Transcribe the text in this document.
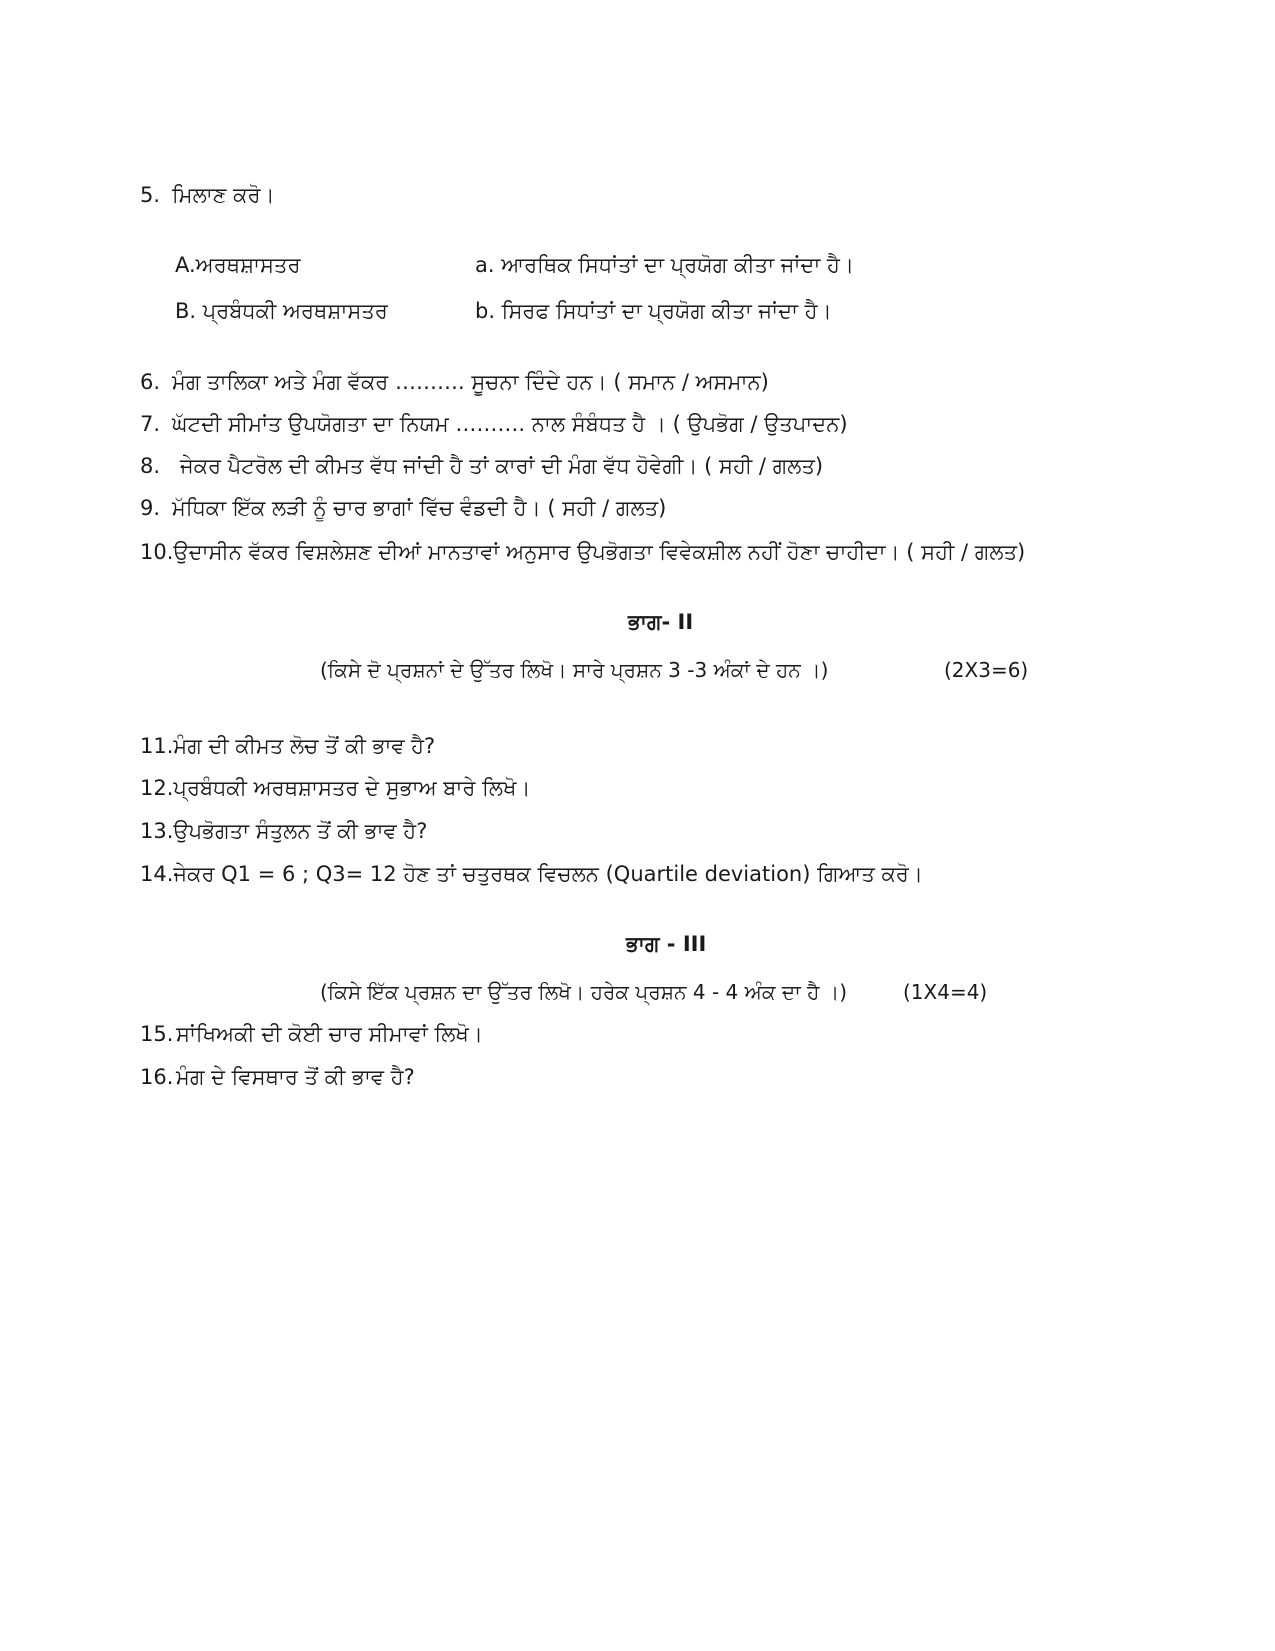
5. ਮਿਲਾਣ ਕਰੋ।
A.ਅਰਥਸ਼ਾਸਤਰ	a. ਆਰਥਿਕ ਸਿਧਾਂਤਾਂ ਦਾ ਪ੍ਰਯੋਗ ਕੀਤਾ ਜਾਂਦਾ ਹੈ।
B. ਪ੍ਰਬੰਧਕੀ ਅਰਥਸ਼ਾਸਤਰ	b. ਸਿਰਫ ਸਿਧਾਂਤਾਂ ਦਾ ਪ੍ਰਯੋਗ ਕੀਤਾ ਜਾਂਦਾ ਹੈ।
6. ਮੰਗ ਤਾਲਿਕਾ ਅਤੇ ਮੰਗ ਵੱਕਰ ………. ਸੂਚਨਾ ਦਿੰਦੇ ਹਨ। ( ਸਮਾਨ / ਅਸਮਾਨ)
7. ਘੱਟਦੀ ਸੀਮਾਂਤ ਉਪਯੋਗਤਾ ਦਾ ਨਿਯਮ ………. ਨਾਲ ਸੰਬੰਧਤ ਹੈ । ( ਉਪਭੋਗ / ਉਤਪਾਦਨ)
8. ਜੇਕਰ ਪੈਟਰੋਲ ਦੀ ਕੀਮਤ ਵੱਧ ਜਾਂਦੀ ਹੈ ਤਾਂ ਕਾਰਾਂ ਦੀ ਮੰਗ ਵੱਧ ਹੋਵੇਗੀ। ( ਸਹੀ / ਗਲਤ)
9. ਮੱਧਿਕਾ ਇੱਕ ਲੜੀ ਨੂੰ ਚਾਰ ਭਾਗਾਂ ਵਿੱਚ ਵੰਡਦੀ ਹੈ। ( ਸਹੀ / ਗਲਤ)
10.ਉਦਾਸੀਨ ਵੱਕਰ ਵਿਸ਼ਲੇਸ਼ਣ ਦੀਆਂ ਮਾਨਤਾਵਾਂ ਅਨੁਸਾਰ ਉਪਭੋਗਤਾ ਵਿਵੇਕਸ਼ੀਲ ਨਹੀਂ ਹੋਣਾ ਚਾਹੀਦਾ। ( ਸਹੀ / ਗਲਤ)
ਭਾਗ- II
(ਕਿਸੇ ਦੋ ਪ੍ਰਸ਼ਨਾਂ ਦੇ ਉੱਤਰ ਲਿਖੋ। ਸਾਰੇ ਪ੍ਰਸ਼ਨ 3 -3 ਅੰਕਾਂ ਦੇ ਹਨ ।)	(2X3=6)
11.ਮੰਗ ਦੀ ਕੀਮਤ ਲੋਚ ਤੋਂ ਕੀ ਭਾਵ ਹੈ?
12.ਪ੍ਰਬੰਧਕੀ ਅਰਥਸ਼ਾਸਤਰ ਦੇ ਸੁਭਾਅ ਬਾਰੇ ਲਿਖੋ।
13.ਉਪਭੋਗਤਾ ਸੰਤੁਲਨ ਤੋਂ ਕੀ ਭਾਵ ਹੈ?
14.ਜੇਕਰ Q1 = 6 ; Q3= 12 ਹੋਣ ਤਾਂ ਚਤੁਰਥਕ ਵਿਚਲਨ (Quartile deviation) ਗਿਆਤ ਕਰੋ।
ਭਾਗ - III
(ਕਿਸੇ ਇੱਕ ਪ੍ਰਸ਼ਨ ਦਾ ਉੱਤਰ ਲਿਖੋ। ਹਰੇਕ ਪ੍ਰਸ਼ਨ 4 - 4 ਅੰਕ ਦਾ ਹੈ ।)	(1X4=4)
15. ਸਾਂਖਿਅਕੀ ਦੀ ਕੋਈ ਚਾਰ ਸੀਮਾਵਾਂ ਲਿਖੋ।
16. ਮੰਗ ਦੇ ਵਿਸਥਾਰ ਤੋਂ ਕੀ ਭਾਵ ਹੈ?
